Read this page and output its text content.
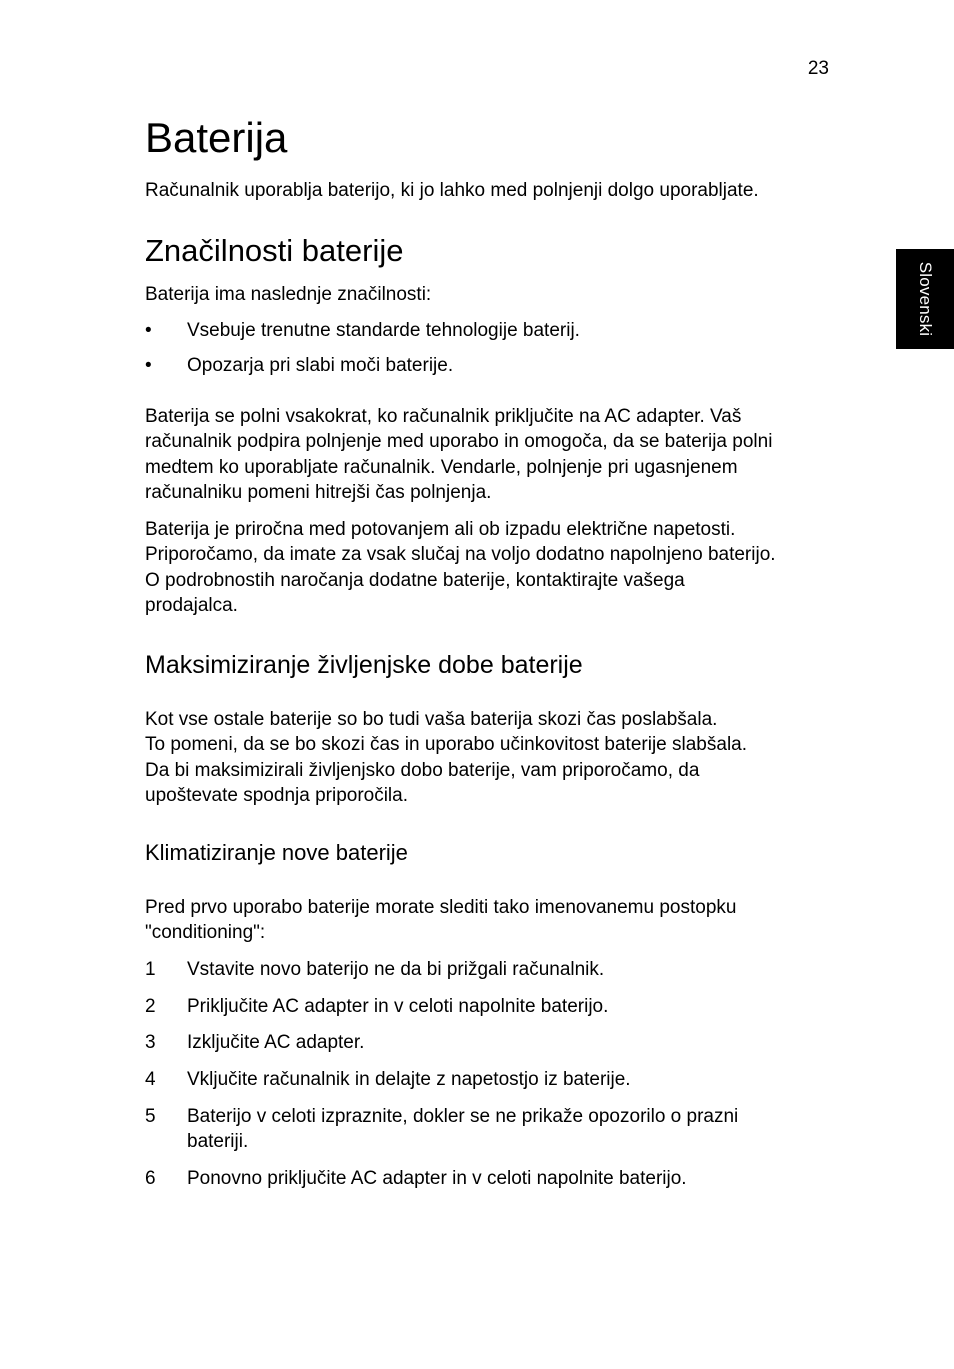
23
Slovenski
Baterija

Računalnik uporablja baterijo, ki jo lahko med polnjenji dolgo uporabljate.

Značilnosti baterije

Baterija ima naslednje značilnosti:

• Vsebuje trenutne standarde tehnologije baterij.
• Opozarja pri slabi moči baterije.

Baterija se polni vsakokrat, ko računalnik priključite na AC adapter. Vaš
računalnik podpira polnjenje med uporabo in omogoča, da se baterija polni
medtem ko uporabljate računalnik. Vendarle, polnjenje pri ugasnjenem
računalniku pomeni hitrejši čas polnjenja.

Baterija je priročna med potovanjem ali ob izpadu električne napetosti.
Priporočamo, da imate za vsak slučaj na voljo dodatno napolnjeno baterijo.
O podrobnostih naročanja dodatne baterije, kontaktirajte vašega
prodajalca.

Maksimiziranje življenjske dobe baterije

Kot vse ostale baterije so bo tudi vaša baterija skozi čas poslabšala.
To pomeni, da se bo skozi čas in uporabo učinkovitost baterije slabšala.
Da bi maksimizirali življenjsko dobo baterije, vam priporočamo, da
upoštevate spodnja priporočila.

Klimatiziranje nove baterije

Pred prvo uporabo baterije morate slediti tako imenovanemu postopku
"conditioning":

1 Vstavite novo baterijo ne da bi prižgali računalnik.
2 Priključite AC adapter in v celoti napolnite baterijo.
3 Izključite AC adapter.
4 Vključite računalnik in delajte z napetostjo iz baterije.
5 Baterijo v celoti izpraznite, dokler se ne prikaže opozorilo o prazni
bateriji.
6 Ponovno priključite AC adapter in v celoti napolnite baterijo.
